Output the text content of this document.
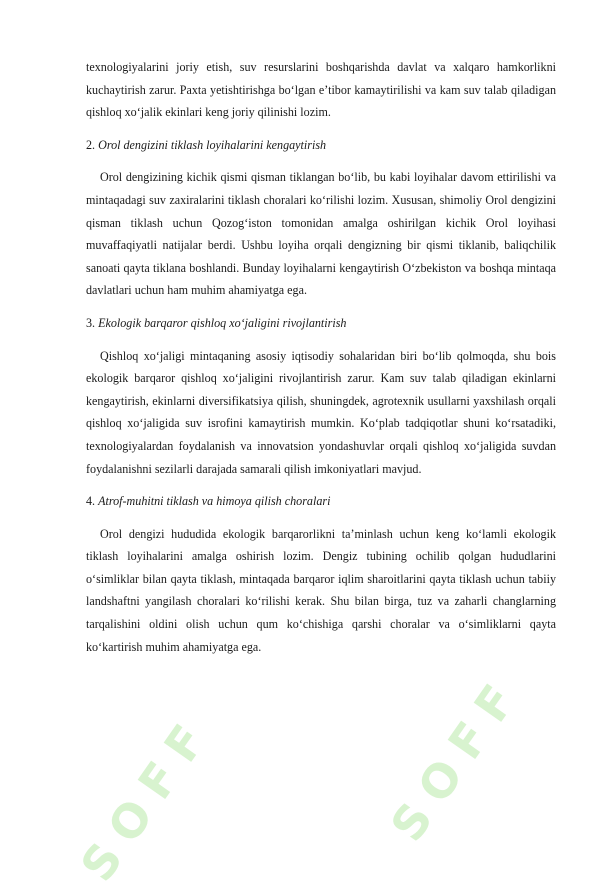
SOFF	SOFF

texnologiyalarini joriy etish, suv resurslarini boshqarishda davlat va xalqaro hamkorlikni kuchaytirish zarur. Paxta yetishtirishga bo‘lgan e’tibor kamaytirilishi va kam suv talab qiladigan qishloq xo‘jalik ekinlari keng joriy qilinishi lozim.

2. Orol dengizini tiklash loyihalarini kengaytirish

Orol dengizining kichik qismi qisman tiklangan bo‘lib, bu kabi loyihalar davom ettirilishi va mintaqadagi suv zaxiralarini tiklash choralari ko‘rilishi lozim. Xususan, shimoliy Orol dengizini qisman tiklash uchun Qozog‘iston tomonidan amalga oshirilgan kichik Orol loyihasi muvaffaqiyatli natijalar berdi. Ushbu loyiha orqali dengizning bir qismi tiklanib, baliqchilik sanoati qayta tiklana boshlandi. Bunday loyihalarni kengaytirish O‘zbekiston va boshqa mintaqa davlatlari uchun ham muhim ahamiyatga ega.

3. Ekologik barqaror qishloq xo‘jaligini rivojlantirish

Qishloq xo‘jaligi mintaqaning asosiy iqtisodiy sohalaridan biri bo‘lib qolmoqda, shu bois ekologik barqaror qishloq xo‘jaligini rivojlantirish zarur. Kam suv talab qiladigan ekinlarni kengaytirish, ekinlarni diversifikatsiya qilish, shuningdek, agrotexnik usullarni yaxshilash orqali qishloq xo‘jaligida suv isrofini kamaytirish mumkin. Ko‘plab tadqiqotlar shuni ko‘rsatadiki, texnologiyalardan foydalanish va innovatsion yondashuvlar orqali qishloq xo‘jaligida suvdan foydalanishni sezilarli darajada samarali qilish imkoniyatlari mavjud.

4. Atrof-muhitni tiklash va himoya qilish choralari

Orol dengizi hududida ekologik barqarorlikni ta’minlash uchun keng ko‘lamli ekologik tiklash loyihalarini amalga oshirish lozim. Dengiz tubining ochilib qolgan hududlarini o‘simliklar bilan qayta tiklash, mintaqada barqaror iqlim sharoitlarini qayta tiklash uchun tabiiy landshaftni yangilash choralari ko‘rilishi kerak. Shu bilan birga, tuz va zaharli changlarning tarqalishini oldini olish uchun qum ko‘chishiga qarshi choralar va o‘simliklarni qayta ko‘kartirish muhim ahamiyatga ega.
